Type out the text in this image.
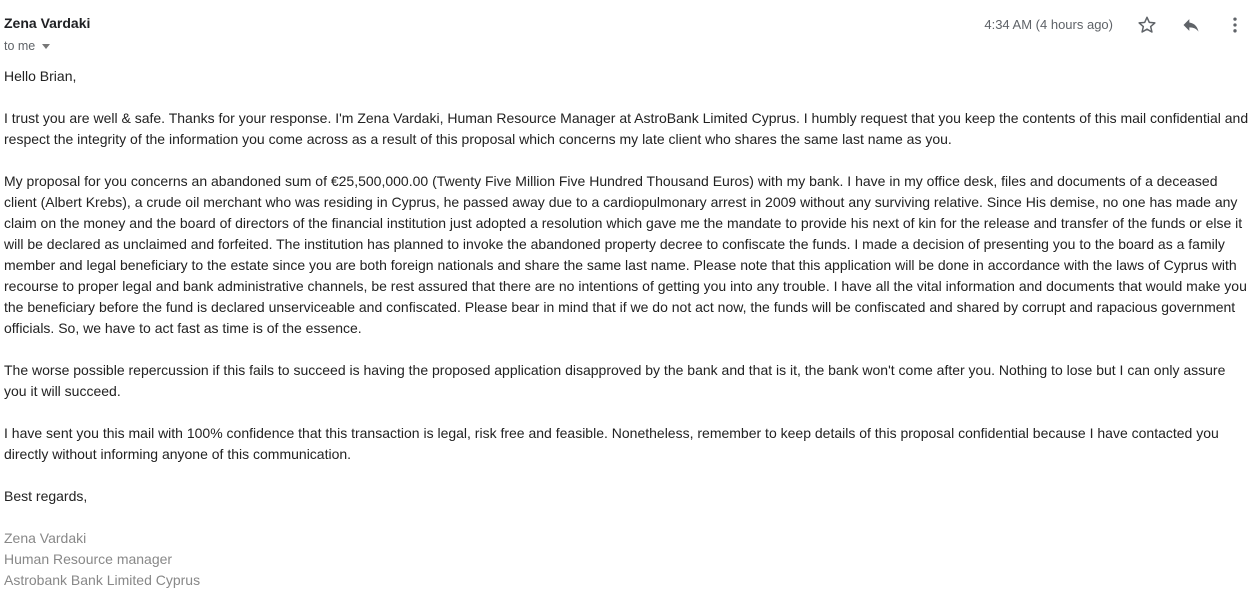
Zena Vardaki
to me
4:34 AM (4 hours ago)

Hello Brian,

I trust you are well & safe. Thanks for your response. I'm Zena Vardaki, Human Resource Manager at AstroBank Limited Cyprus. I humbly request that you keep the contents of this mail confidential and respect the integrity of the information you come across as a result of this proposal which concerns my late client who shares the same last name as you.

My proposal for you concerns an abandoned sum of €25,500,000.00 (Twenty Five Million Five Hundred Thousand Euros) with my bank. I have in my office desk, files and documents of a deceased client (Albert Krebs), a crude oil merchant who was residing in Cyprus, he passed away due to a cardiopulmonary arrest in 2009 without any surviving relative. Since His demise, no one has made any claim on the money and the board of directors of the financial institution just adopted a resolution which gave me the mandate to provide his next of kin for the release and transfer of the funds or else it will be declared as unclaimed and forfeited. The institution has planned to invoke the abandoned property decree to confiscate the funds. I made a decision of presenting you to the board as a family member and legal beneficiary to the estate since you are both foreign nationals and share the same last name. Please note that this application will be done in accordance with the laws of Cyprus with recourse to proper legal and bank administrative channels, be rest assured that there are no intentions of getting you into any trouble. I have all the vital information and documents that would make you the beneficiary before the fund is declared unserviceable and confiscated. Please bear in mind that if we do not act now, the funds will be confiscated and shared by corrupt and rapacious government officials. So, we have to act fast as time is of the essence.

The worse possible repercussion if this fails to succeed is having the proposed application disapproved by the bank and that is it, the bank won't come after you. Nothing to lose but I can only assure you it will succeed.

I have sent you this mail with 100% confidence that this transaction is legal, risk free and feasible. Nonetheless, remember to keep details of this proposal confidential because I have contacted you directly without informing anyone of this communication.

Best regards,

Zena Vardaki

Human Resource manager

Astrobank Bank Limited Cyprus
